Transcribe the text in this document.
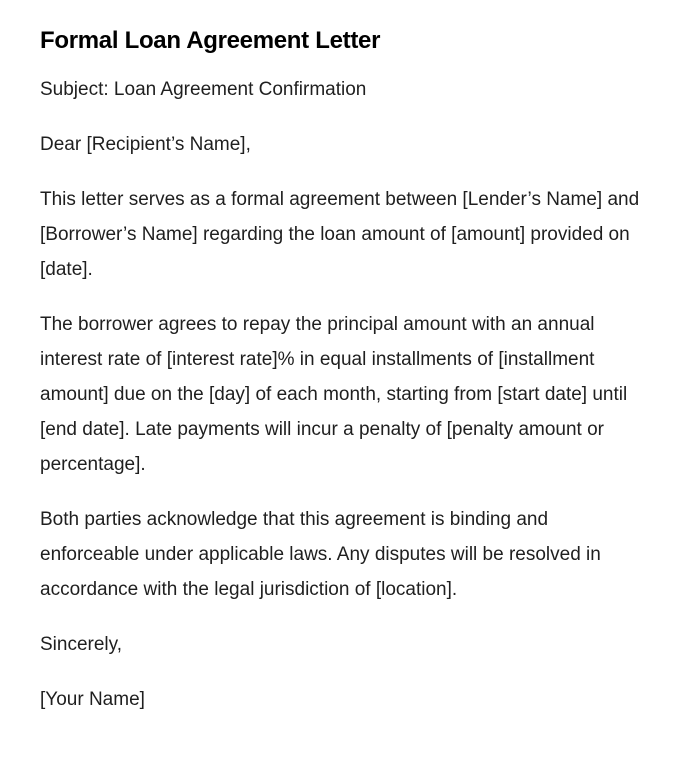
Formal Loan Agreement Letter

Subject: Loan Agreement Confirmation

Dear [Recipient’s Name],

This letter serves as a formal agreement between [Lender’s Name] and [Borrower’s Name] regarding the loan amount of [amount] provided on [date].

The borrower agrees to repay the principal amount with an annual interest rate of [interest rate]% in equal installments of [installment amount] due on the [day] of each month, starting from [start date] until [end date]. Late payments will incur a penalty of [penalty amount or percentage].

Both parties acknowledge that this agreement is binding and enforceable under applicable laws. Any disputes will be resolved in accordance with the legal jurisdiction of [location].

Sincerely,

[Your Name]
